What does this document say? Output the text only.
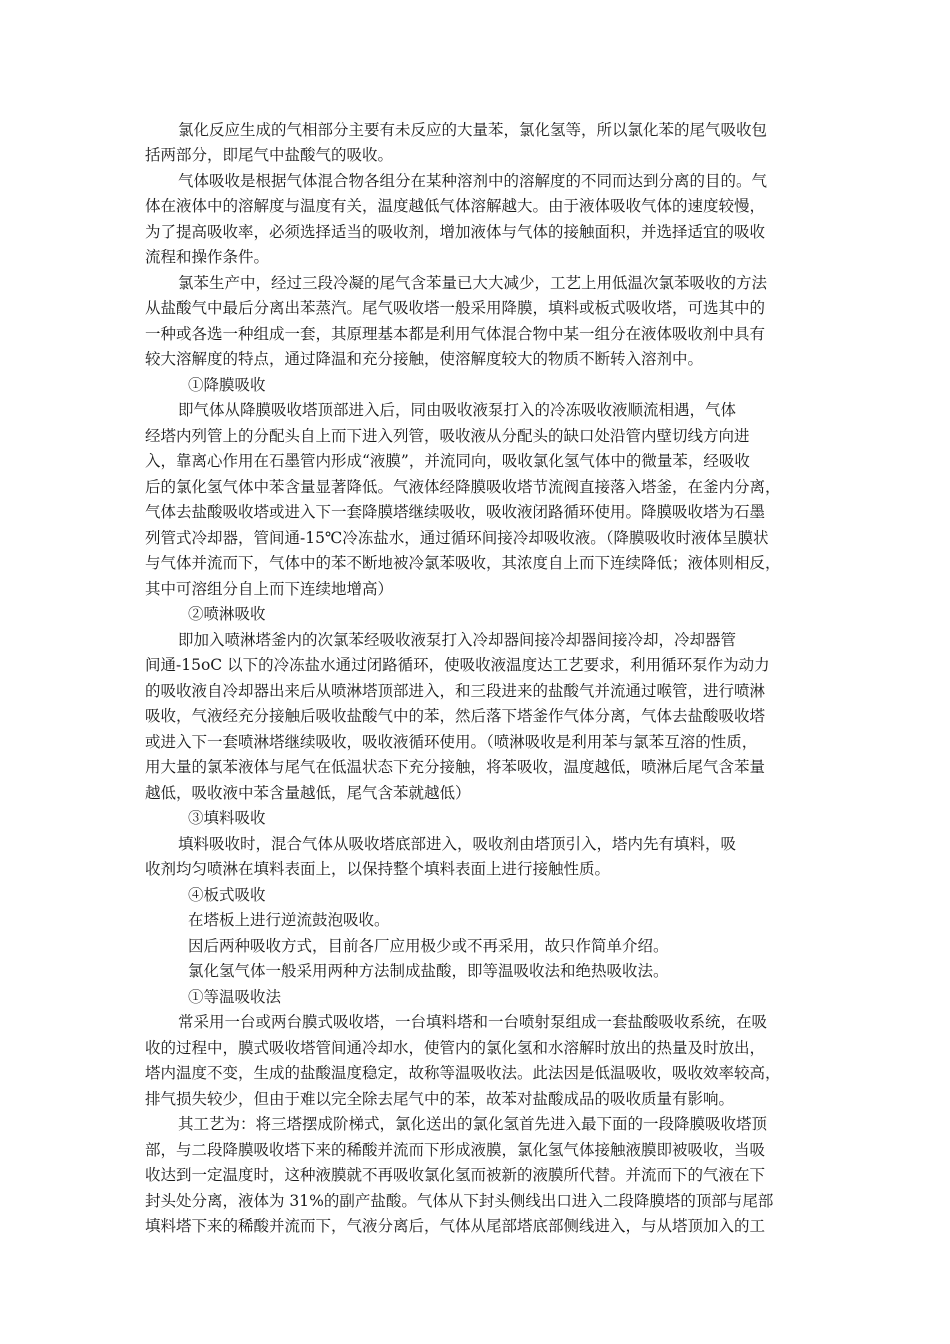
氯化反应生成的气相部分主要有未反应的大量苯，氯化氢等，所以氯化苯的尾气吸收包
括两部分，即尾气中盐酸气的吸收。
气体吸收是根据气体混合物各组分在某种溶剂中的溶解度的不同而达到分离的目的。气
体在液体中的溶解度与温度有关，温度越低气体溶解越大。由于液体吸收气体的速度较慢，
为了提高吸收率，必须选择适当的吸收剂，增加液体与气体的接触面积，并选择适宜的吸收
流程和操作条件。
氯苯生产中，经过三段冷凝的尾气含苯量已大大减少，工艺上用低温次氯苯吸收的方法
从盐酸气中最后分离出苯蒸汽。尾气吸收塔一般采用降膜，填料或板式吸收塔，可选其中的
一种或各选一种组成一套，其原理基本都是利用气体混合物中某一组分在液体吸收剂中具有
较大溶解度的特点，通过降温和充分接触，使溶解度较大的物质不断转入溶剂中。
①降膜吸收
即气体从降膜吸收塔顶部进入后，同由吸收液泵打入的冷冻吸收液顺流相遇，气体
经塔内列管上的分配头自上而下进入列管，吸收液从分配头的缺口处沿管内壁切线方向进
入，靠离心作用在石墨管内形成“液膜”，并流同向，吸收氯化氢气体中的微量苯，经吸收
后的氯化氢气体中苯含量显著降低。气液体经降膜吸收塔节流阀直接落入塔釜，在釜内分离，
气体去盐酸吸收塔或进入下一套降膜塔继续吸收，吸收液闭路循环使用。降膜吸收塔为石墨
列管式冷却器，管间通-15℃冷冻盐水，通过循环间接冷却吸收液。（降膜吸收时液体呈膜状
与气体并流而下，气体中的苯不断地被冷氯苯吸收，其浓度自上而下连续降低；液体则相反，
其中可溶组分自上而下连续地增高）
②喷淋吸收
即加入喷淋塔釜内的次氯苯经吸收液泵打入冷却器间接冷却器间接冷却，冷却器管
间通-15oC 以下的冷冻盐水通过闭路循环，使吸收液温度达工艺要求，利用循环泵作为动力
的吸收液自冷却器出来后从喷淋塔顶部进入，和三段进来的盐酸气并流通过喉管，进行喷淋
吸收，气液经充分接触后吸收盐酸气中的苯，然后落下塔釜作气体分离，气体去盐酸吸收塔
或进入下一套喷淋塔继续吸收，吸收液循环使用。（喷淋吸收是利用苯与氯苯互溶的性质，
用大量的氯苯液体与尾气在低温状态下充分接触，将苯吸收，温度越低，喷淋后尾气含苯量
越低，吸收液中苯含量越低，尾气含苯就越低）
③填料吸收
填料吸收时，混合气体从吸收塔底部进入，吸收剂由塔顶引入，塔内先有填料，吸
收剂均匀喷淋在填料表面上，以保持整个填料表面上进行接触性质。
④板式吸收
在塔板上进行逆流鼓泡吸收。
因后两种吸收方式，目前各厂应用极少或不再采用，故只作简单介绍。
氯化氢气体一般采用两种方法制成盐酸，即等温吸收法和绝热吸收法。
①等温吸收法
常采用一台或两台膜式吸收塔，一台填料塔和一台喷射泵组成一套盐酸吸收系统，在吸
收的过程中，膜式吸收塔管间通冷却水，使管内的氯化氢和水溶解时放出的热量及时放出，
塔内温度不变，生成的盐酸温度稳定，故称等温吸收法。此法因是低温吸收，吸收效率较高，
排气损失较少，但由于难以完全除去尾气中的苯，故苯对盐酸成品的吸收质量有影响。
其工艺为：将三塔摆成阶梯式，氯化送出的氯化氢首先进入最下面的一段降膜吸收塔顶
部，与二段降膜吸收塔下来的稀酸并流而下形成液膜，氯化氢气体接触液膜即被吸收，当吸
收达到一定温度时，这种液膜就不再吸收氯化氢而被新的液膜所代替。并流而下的气液在下
封头处分离，液体为 31%的副产盐酸。气体从下封头侧线出口进入二段降膜塔的顶部与尾部
填料塔下来的稀酸并流而下，气液分离后，气体从尾部塔底部侧线进入，与从塔顶加入的工
